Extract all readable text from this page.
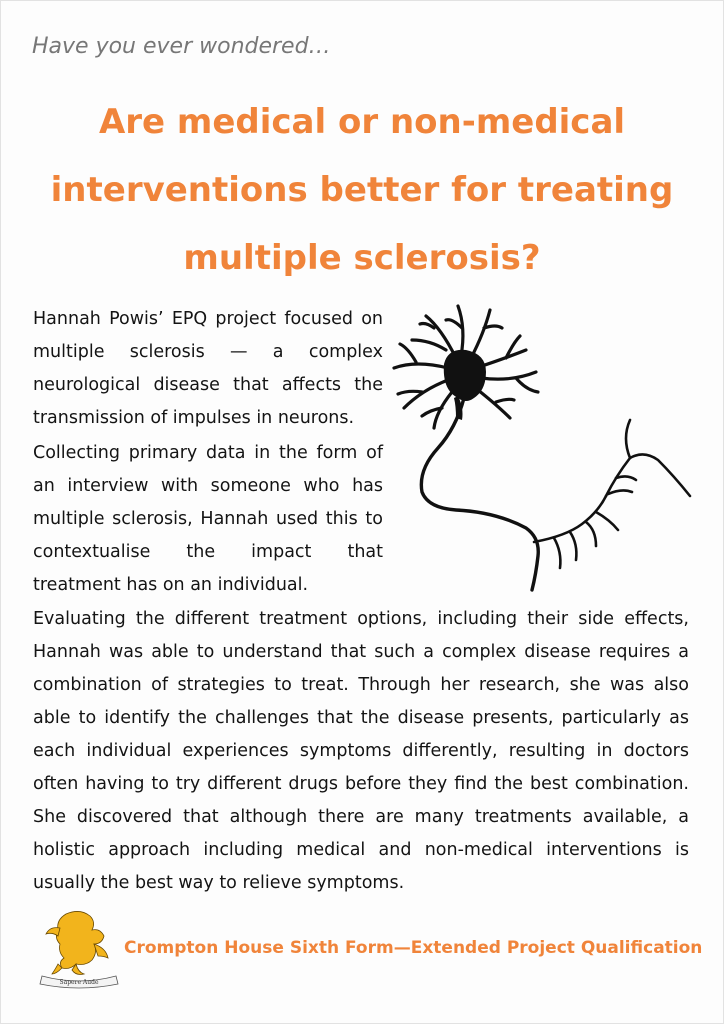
Have you ever wondered…
Are medical or non-medical interventions better for treating multiple sclerosis?

Hannah Powis’ EPQ project focused on multiple sclerosis — a complex neurological disease that affects the transmission of impulses in neurons.

Collecting primary data in the form of an interview with someone who has multiple sclerosis, Hannah used this to contextualise the impact that treatment has on an individual.

Evaluating the different treatment options, including their side effects, Hannah was able to understand that such a complex disease requires a combination of strategies to treat. Through her research, she was also able to identify the challenges that the disease presents, particularly as each individual experiences symptoms differently, resulting in doctors often having to try different drugs before they find the best combination. She discovered that although there are many treatments available, a holistic approach including medical and non-medical interventions is usually the best way to relieve symptoms.

Sapere Aude
Crompton House Sixth Form—Extended Project Qualification
